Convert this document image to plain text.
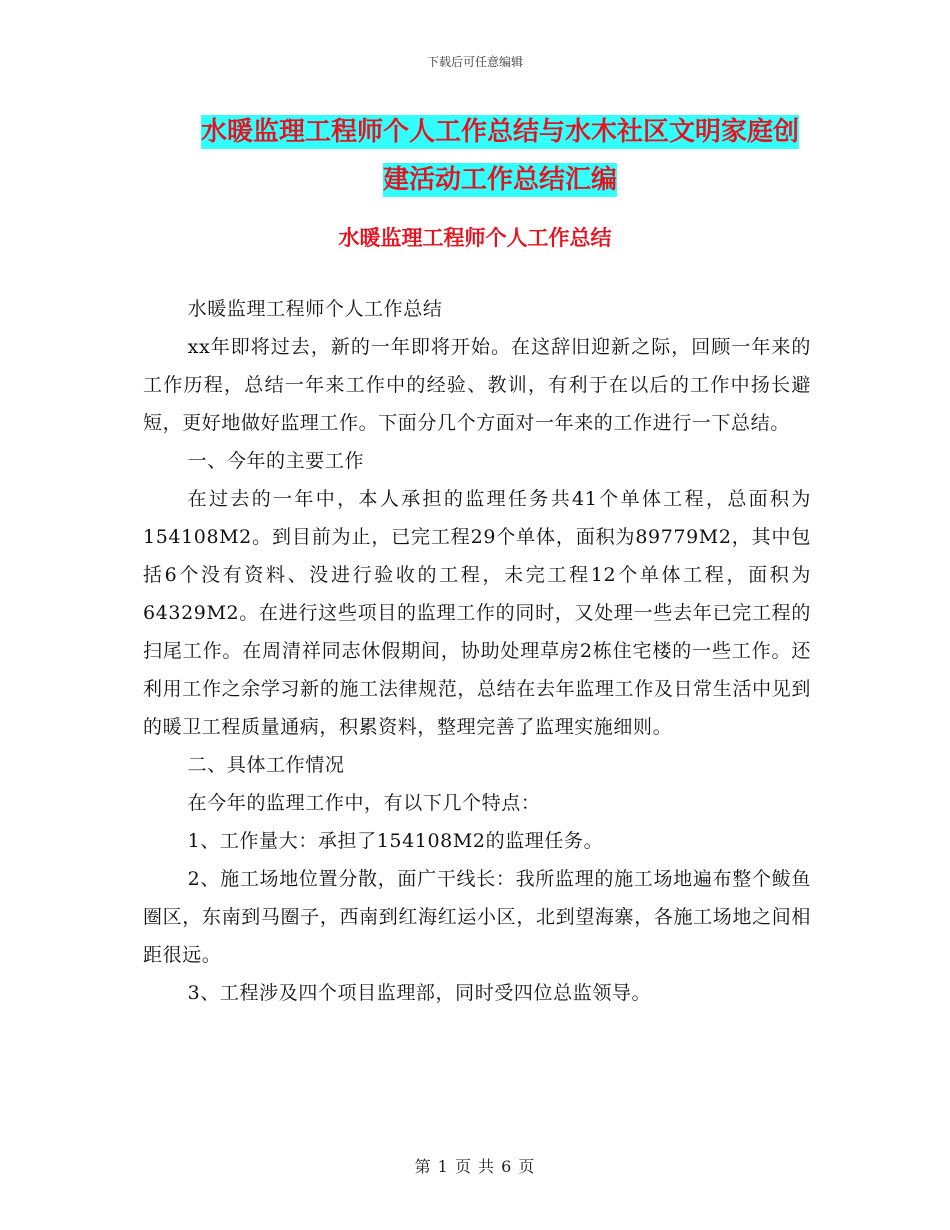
下载后可任意编辑
水暖监理工程师个人工作总结与水木社区文明家庭创
建活动工作总结汇编
水暖监理工程师个人工作总结

水暖监理工程师个人工作总结

xx年即将过去，新的一年即将开始。在这辞旧迎新之际，回顾一年来的工作历程，总结一年来工作中的经验、教训，有利于在以后的工作中扬长避短，更好地做好监理工作。下面分几个方面对一年来的工作进行一下总结。

一、今年的主要工作

在过去的一年中，本人承担的监理任务共41个单体工程，总面积为154108M2。到目前为止，已完工程29个单体，面积为89779M2，其中包括6个没有资料、没进行验收的工程，未完工程12个单体工程，面积为64329M2。在进行这些项目的监理工作的同时，又处理一些去年已完工程的扫尾工作。在周清祥同志休假期间，协助处理草房2栋住宅楼的一些工作。还利用工作之余学习新的施工法律规范，总结在去年监理工作及日常生活中见到的暖卫工程质量通病，积累资料，整理完善了监理实施细则。

二、具体工作情况

在今年的监理工作中，有以下几个特点：

1、工作量大：承担了154108M2的监理任务。

2、施工场地位置分散，面广干线长：我所监理的施工场地遍布整个鲅鱼圈区，东南到马圈子，西南到红海红运小区，北到望海寨，各施工场地之间相距很远。

3、工程涉及四个项目监理部，同时受四位总监领导。

第 1 页 共 6 页
